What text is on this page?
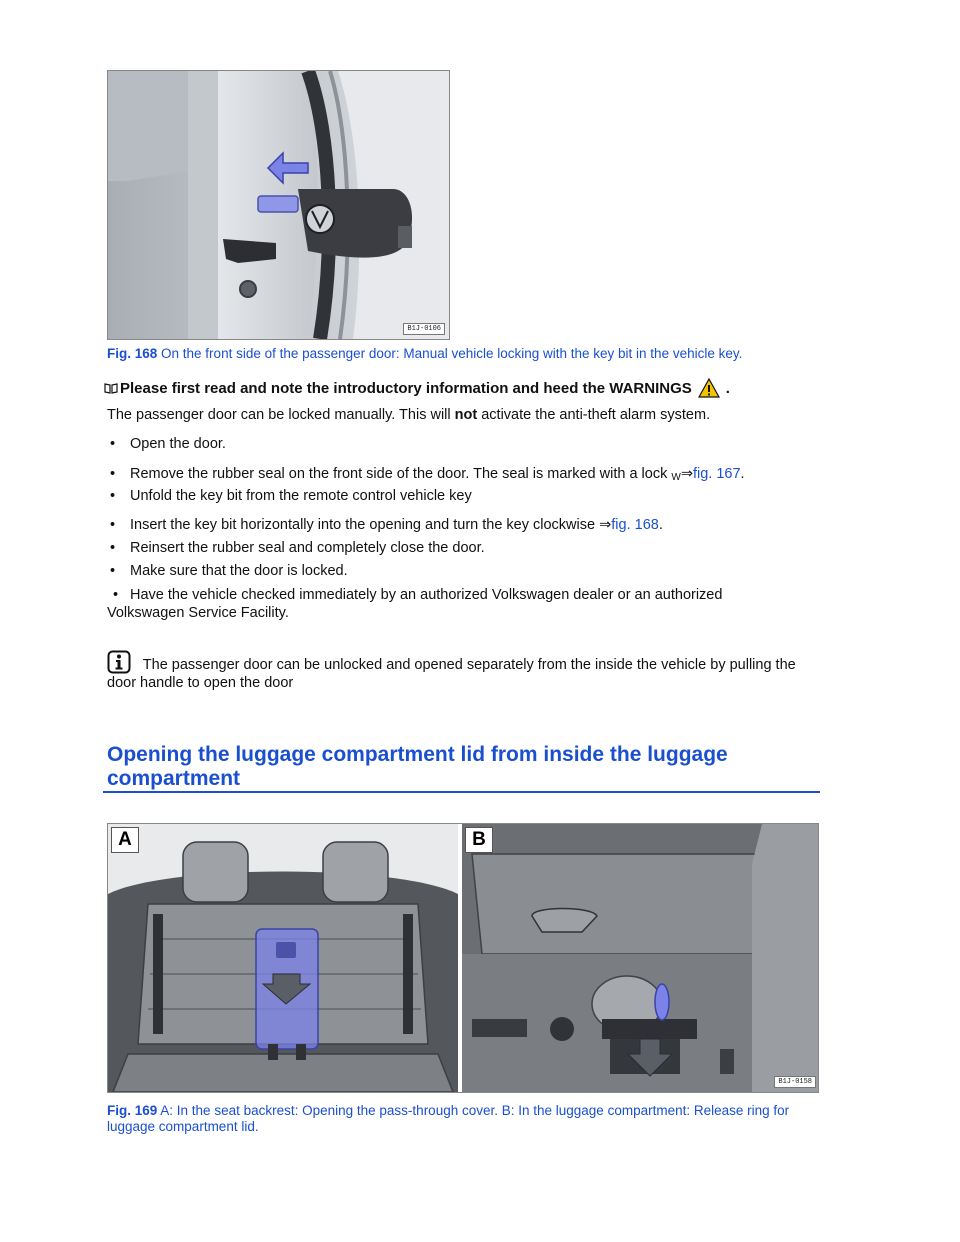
B1J-0106
Fig. 168 On the front side of the passenger door: Manual vehicle locking with the key bit in the vehicle key.
Please first read and note the introductory information and heed the WARNINGS .
The passenger door can be locked manually. This will not activate the anti-theft alarm system.
• Open the door.
• Remove the rubber seal on the front side of the door. The seal is marked with a lock W⇒fig. 167.
• Unfold the key bit from the remote control vehicle key
• Insert the key bit horizontally into the opening and turn the key clockwise ⇒fig. 168.
• Reinsert the rubber seal and completely close the door.
• Make sure that the door is locked.
• Have the vehicle checked immediately by an authorized Volkswagen dealer or an authorized Volkswagen Service Facility.
The passenger door can be unlocked and opened separately from the inside the vehicle by pulling the door handle to open the door
Opening the luggage compartment lid from inside the luggage compartment
A	B
B1J-0158
Fig. 169 A: In the seat backrest: Opening the pass-through cover. B: In the luggage compartment: Release ring for luggage compartment lid.
